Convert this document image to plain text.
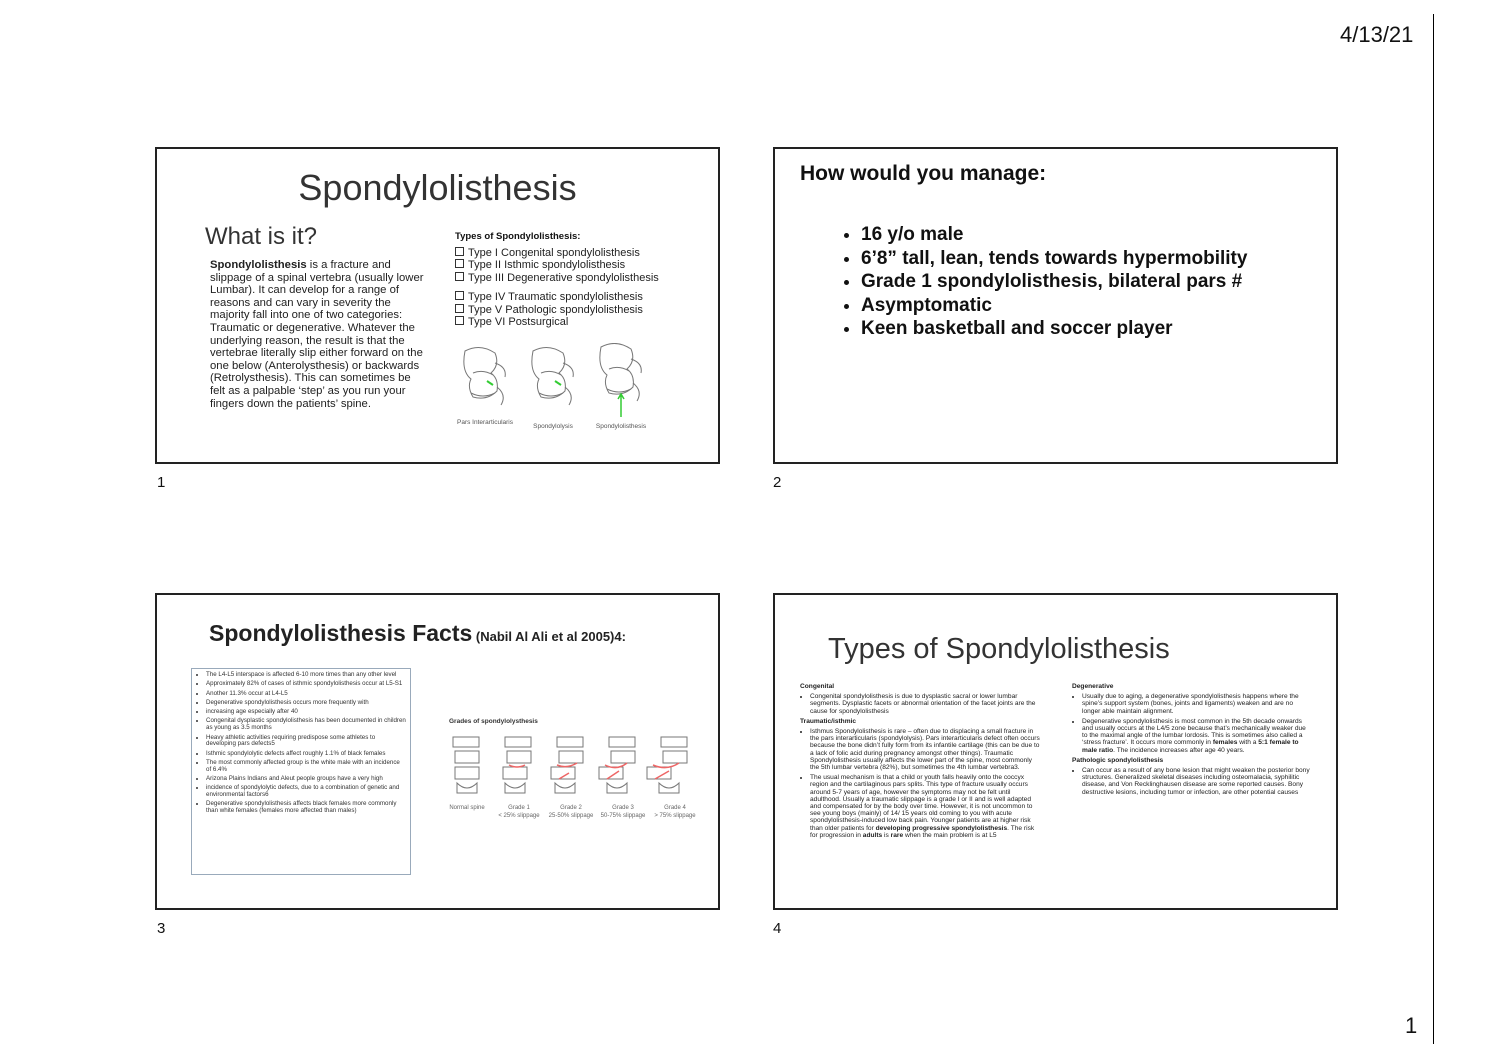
4/13/21
1
Spondylolisthesis
What is it?
Spondylolisthesis is a fracture and slippage of a spinal vertebra (usually lower Lumbar). It can develop for a range of reasons and can vary in severity the majority fall into one of two categories: Traumatic or degenerative. Whatever the underlying reason, the result is that the vertebrae literally slip either forward on the one below (Anterolysthesis) or backwards (Retrolysthesis). This can sometimes be felt as a palpable ‘step’ as you run your fingers down the patients’ spine.
Types of Spondylolisthesis:
Type I Congenital spondylolisthesis
Type II Isthmic spondylolisthesis
Type III Degenerative spondylolisthesis
Type IV Traumatic spondylolisthesis
Type V Pathologic spondylolisthesis
Type VI Postsurgical
Pars Interarticularis
Spondylolysis	Spondylolisthesis
1
How would you manage:
• 16 y/o male
• 6’8” tall, lean, tends towards hypermobility
• Grade 1 spondylolisthesis, bilateral pars #
• Asymptomatic
• Keen basketball and soccer player
2
Spondylolisthesis Facts (Nabil Al Ali et al 2005)4:
• The L4-L5 interspace is affected 6-10 more times than any other level
• Approximately 82% of cases of isthmic spondylolisthesis occur at L5-S1
• Another 11.3% occur at L4-L5
• Degenerative spondylolisthesis occurs more frequently with
• increasing age especially after 40
• Congenital dysplastic spondylolisthesis has been documented in children as young as 3.5 months
• Heavy athletic activities requiring predispose some athletes to developing pars defects5
• Isthmic spondylolytic defects affect roughly 1.1% of black females
• The most commonly affected group is the white male with an incidence of 6.4%
• Arizona Plains Indians and Aleut people groups have a very high
• incidence of spondylolytic defects, due to a combination of genetic and environmental factors6
• Degenerative spondylolisthesis affects black females more commonly than white females (females more affected than males)
Grades of spondylolysthesis
Normal spine	Grade 1
< 25% slippage
Grade 2
25-50% slippage
Grade 3
50-75% slippage
Grade 4
> 75% slippage
3
Types of Spondylolisthesis
Congenital
• Congenital spondylolisthesis is due to dysplastic sacral or lower lumbar segments. Dysplastic facets or abnormal orientation of the facet joints are the cause for spondylolisthesis
Traumatic/isthmic
• Isthmus Spondylolisthesis is rare – often due to displacing a small fracture in the pars interarticularis (spondylolysis). Pars interarticularis defect often occurs because the bone didn’t fully form from its infantile cartilage (this can be due to a lack of folic acid during pregnancy amongst other things). Traumatic Spondylolisthesis usually affects the lower part of the spine, most commonly the 5th lumbar vertebra (82%), but sometimes the 4th lumbar vertebra3.
• The usual mechanism is that a child or youth falls heavily onto the coccyx region and the cartilaginous pars splits. This type of fracture usually occurs around 5-7 years of age, however the symptoms may not be felt until adulthood. Usually a traumatic slippage is a grade I or II and is well adapted and compensated for by the body over time. However, it is not uncommon to see young boys (mainly) of 14/ 15 years old coming to you with acute spondylolisthesis-induced low back pain. Younger patients are at higher risk than older patients for developing progressive spondylolisthesis. The risk for progression in adults is rare when the main problem is at L5
Degenerative
• Usually due to aging, a degenerative spondylolisthesis happens where the spine’s support system (bones, joints and ligaments) weaken and are no longer able maintain alignment.
• Degenerative spondylolisthesis is most common in the 5th decade onwards and usually occurs at the L4/5 zone because that’s mechanically weaker due to the maximal angle of the lumbar lordosis. This is sometimes also called a ‘stress fracture’. It occurs more commonly in females with a 5:1 female to male ratio. The incidence increases after age 40 years.
Pathologic spondylolisthesis
• Can occur as a result of any bone lesion that might weaken the posterior bony structures. Generalized skeletal diseases including osteomalacia, syphilitic disease, and Von Recklinghausen disease are some reported causes. Bony destructive lesions, including tumor or infection, are other potential causes
4
